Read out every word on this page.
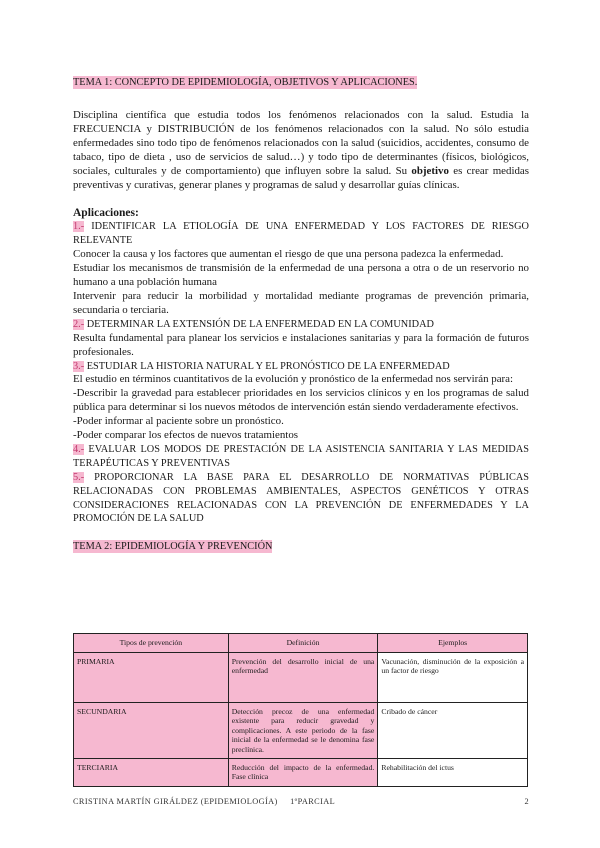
TEMA 1: CONCEPTO DE EPIDEMIOLOGÍA, OBJETIVOS Y APLICACIONES.

Disciplina científica que estudia todos los fenómenos relacionados con la salud. Estudia la FRECUENCIA y DISTRIBUCIÓN de los fenómenos relacionados con la salud. No sólo estudia enfermedades sino todo tipo de fenómenos relacionados con la salud (suicidios, accidentes, consumo de tabaco, tipo de dieta , uso de servicios de salud…) y todo tipo de determinantes (físicos, biológicos, sociales, culturales y de comportamiento) que influyen sobre la salud. Su objetivo es crear medidas preventivas y curativas, generar planes y programas de salud y desarrollar guías clínicas.

Aplicaciones:
1.- IDENTIFICAR LA ETIOLOGÍA DE UNA ENFERMEDAD Y LOS FACTORES DE RIESGO RELEVANTE

Conocer la causa y los factores que aumentan el riesgo de que una persona padezca la enfermedad.

Estudiar los mecanismos de transmisión de la enfermedad de una persona a otra o de un reservorio no humano a una población humana

Intervenir para reducir la morbilidad y mortalidad mediante programas de prevención primaria, secundaria o terciaria.

2.- DETERMINAR LA EXTENSIÓN DE LA ENFERMEDAD EN LA COMUNIDAD

Resulta fundamental para planear los servicios e instalaciones sanitarias y para la formación de futuros profesionales.

3.- ESTUDIAR LA HISTORIA NATURAL Y EL PRONÓSTICO DE LA ENFERMEDAD

El estudio en términos cuantitativos de la evolución y pronóstico de la enfermedad nos servirán para:

-Describir la gravedad para establecer prioridades en los servicios clínicos y en los programas de salud pública para determinar si los nuevos métodos de intervención están siendo verdaderamente efectivos.

-Poder informar al paciente sobre un pronóstico.

-Poder comparar los efectos de nuevos tratamientos

4.- EVALUAR LOS MODOS DE PRESTACIÓN DE LA ASISTENCIA SANITARIA Y LAS MEDIDAS TERAPÉUTICAS Y PREVENTIVAS
5.- PROPORCIONAR LA BASE PARA EL DESARROLLO DE NORMATIVAS PÚBLICAS RELACIONADAS CON PROBLEMAS AMBIENTALES, ASPECTOS GENÉTICOS Y OTRAS CONSIDERACIONES RELACIONADAS CON LA PREVENCIÓN DE ENFERMEDADES Y LA PROMOCIÓN DE LA SALUD
TEMA 2: EPIDEMIOLOGÍA Y PREVENCIÓN
Tipos de prevención	Definición	Ejemplos
PRIMARIA	Prevención del desarrollo inicial de una enfermedad	Vacunación, disminución de la exposición a un factor de riesgo
SECUNDARIA	Detección precoz de una enfermedad existente para reducir gravedad y complicaciones. A este periodo de la fase inicial de la enfermedad se le denomina fase preclínica.	Cribado de cáncer
TERCIARIA	Reducción del impacto de la enfermedad. Fase clínica	Rehabilitación del ictus
CRISTINA MARTÍN GIRÁLDEZ (EPIDEMIOLOGÍA) 1ºPARCIAL	2
